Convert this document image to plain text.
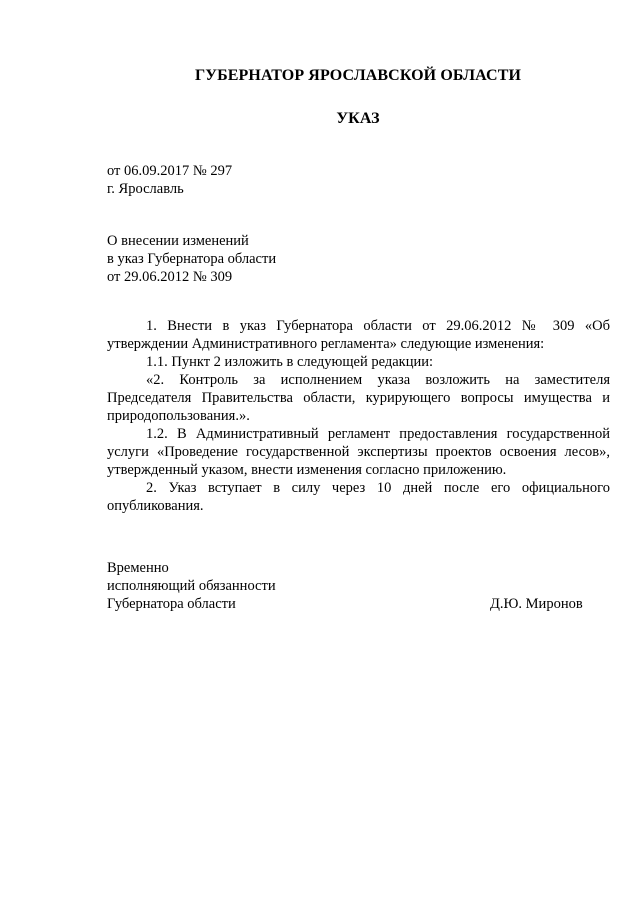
ГУБЕРНАТОР ЯРОСЛАВСКОЙ ОБЛАСТИ
УКАЗ
от 06.09.2017 № 297
г. Ярославль
О внесении изменений
в указ Губернатора области
от 29.06.2012 № 309

1. Внести в указ Губернатора области от 29.06.2012 № 309 «Об утверждении Административного регламента» следующие изменения:

1.1. Пункт 2 изложить в следующей редакции:

«2. Контроль за исполнением указа возложить на заместителя Председателя Правительства области, курирующего вопросы имущества и природопользования.».

1.2. В Административный регламент предоставления государственной услуги «Проведение государственной экспертизы проектов освоения лесов», утвержденный указом, внести изменения согласно приложению.

2. Указ вступает в силу через 10 дней после его официального опубликования.

Временно
исполняющий обязанности
Губернатора области	Д.Ю. Миронов
